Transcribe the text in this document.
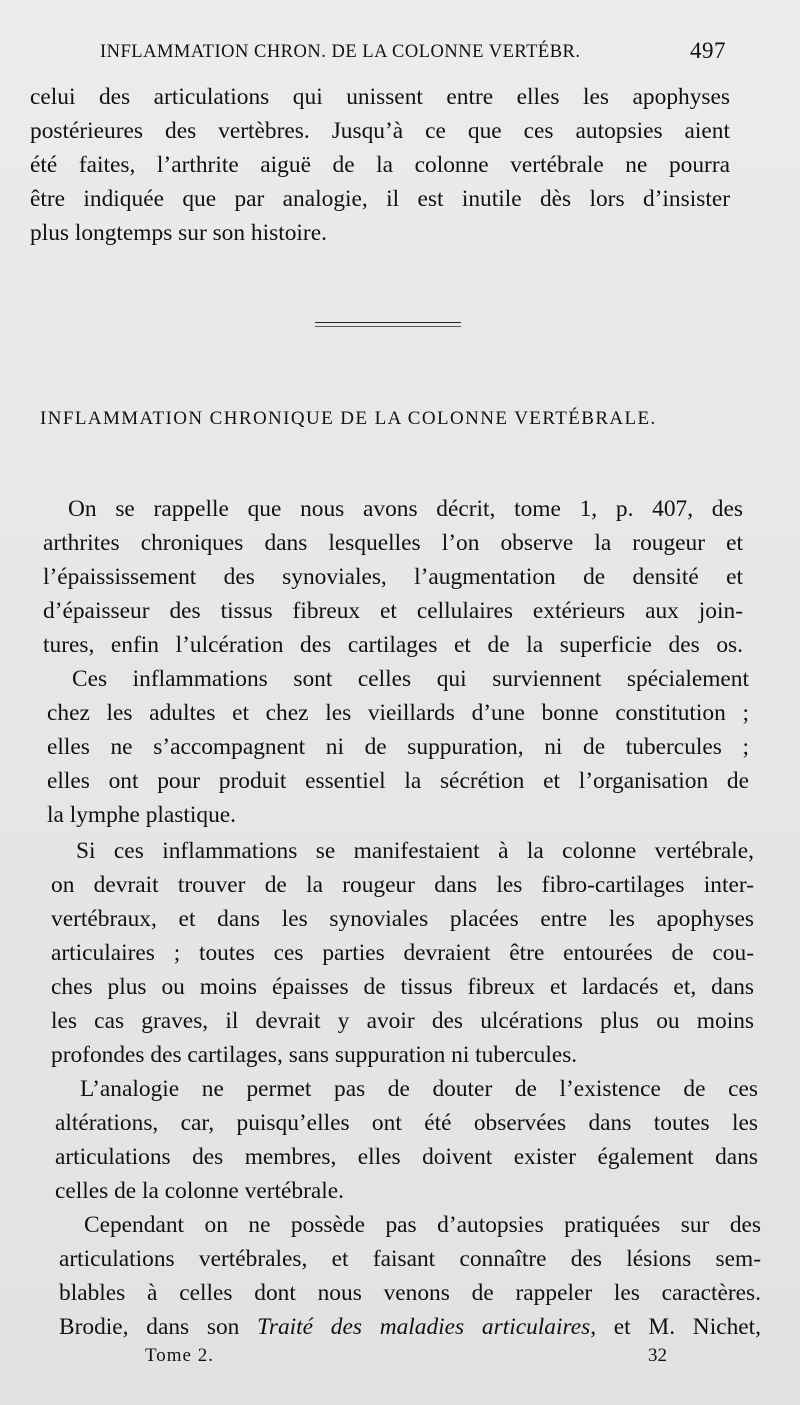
INFLAMMATION CHRON. DE LA COLONNE VERTÉBR.	497
celui des articulations qui unissent entre elles les apophyses
postérieures des vertèbres. Jusqu’à ce que ces autopsies aient
été faites, l’arthrite aiguë de la colonne vertébrale ne pourra
être indiquée que par analogie, il est inutile dès lors d’insister
plus longtemps sur son histoire.
INFLAMMATION CHRONIQUE DE LA COLONNE VERTÉBRALE.
On se rappelle que nous avons décrit, tome 1, p. 407, des
arthrites chroniques dans lesquelles l’on observe la rougeur et
l’épaississement des synoviales, l’augmentation de densité et
d’épaisseur des tissus fibreux et cellulaires extérieurs aux join-
tures, enfin l’ulcération des cartilages et de la superficie des os.
Ces inflammations sont celles qui surviennent spécialement
chez les adultes et chez les vieillards d’une bonne constitution ;
elles ne s’accompagnent ni de suppuration, ni de tubercules ;
elles ont pour produit essentiel la sécrétion et l’organisation de
la lymphe plastique.
Si ces inflammations se manifestaient à la colonne vertébrale,
on devrait trouver de la rougeur dans les fibro-cartilages inter-
vertébraux, et dans les synoviales placées entre les apophyses
articulaires ; toutes ces parties devraient être entourées de cou-
ches plus ou moins épaisses de tissus fibreux et lardacés et, dans
les cas graves, il devrait y avoir des ulcérations plus ou moins
profondes des cartilages, sans suppuration ni tubercules.
L’analogie ne permet pas de douter de l’existence de ces
altérations, car, puisqu’elles ont été observées dans toutes les
articulations des membres, elles doivent exister également dans
celles de la colonne vertébrale.
Cependant on ne possède pas d’autopsies pratiquées sur des
articulations vertébrales, et faisant connaître des lésions sem-
blables à celles dont nous venons de rappeler les caractères.
Brodie, dans son Traité des maladies articulaires, et M. Nichet,
Tome 2.	32
